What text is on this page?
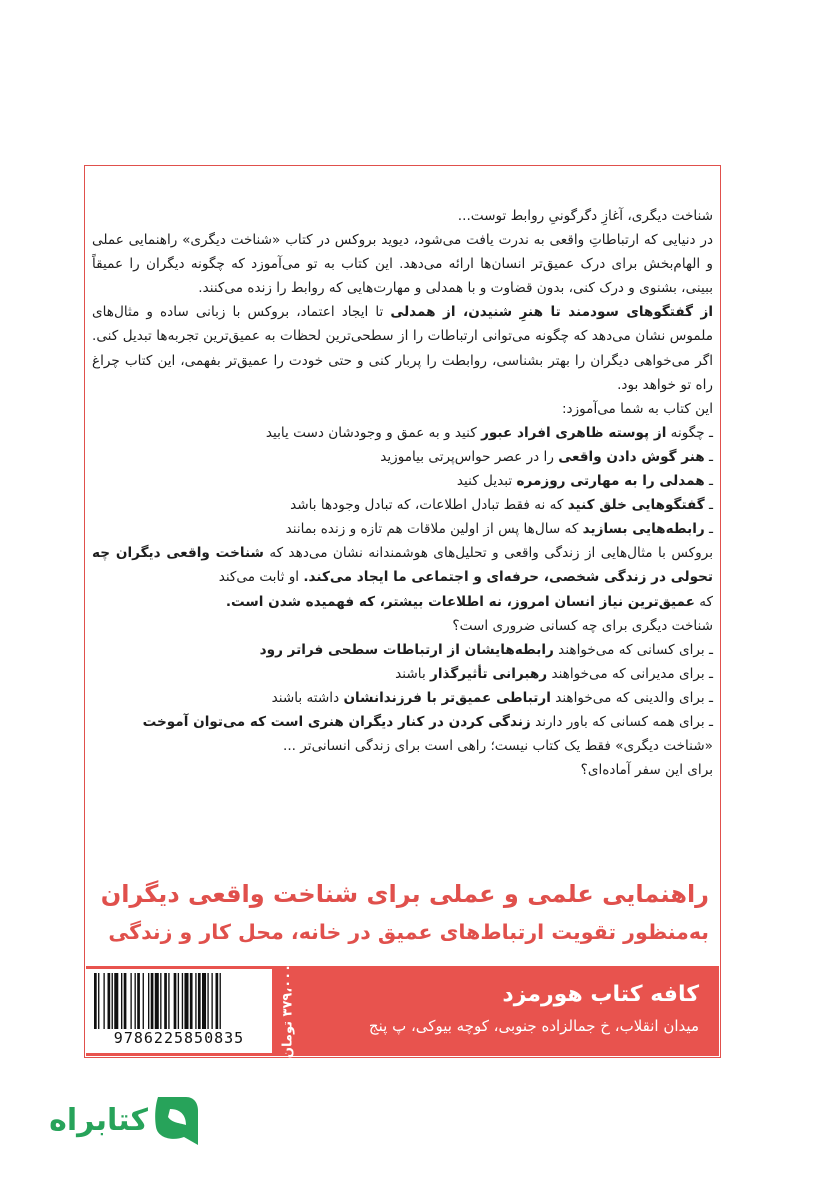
شناخت دیگری، آغازِ دگرگونیِ روابط توست...

در دنیایی که ارتباطاتِ واقعی به ندرت یافت می‌شود، دیوید بروکس در کتاب «شناخت دیگری» راهنمایی عملی و الهام‌بخش برای درک عمیق‌تر انسان‌ها ارائه می‌دهد. این کتاب به تو می‌آموزد که چگونه دیگران را عمیقاً ببینی، بشنوی و درک کنی، بدون قضاوت و با همدلی و مهارت‌هایی که روابط را زنده می‌کنند.

از گفتگوهای سودمند تا هنرِ شنیدن، از همدلی تا ایجاد اعتماد، بروکس با زبانی ساده و مثال‌های ملموس نشان می‌دهد که چگونه می‌توانی ارتباطات را از سطحی‌ترین لحظات به عمیق‌ترین تجربه‌ها تبدیل کنی. اگر می‌خواهی دیگران را بهتر بشناسی، روابطت را پربار کنی و حتی خودت را عمیق‌تر بفهمی، این کتاب چراغ راه تو خواهد بود.

این کتاب به شما می‌آموزد:

ـ چگونه از پوسته ظاهری افراد عبور کنید و به عمق و وجودشان دست یابید

ـ هنر گوش دادن واقعی را در عصر حواس‌پرتی بیاموزید

ـ همدلی را به مهارتی روزمره تبدیل کنید

ـ گفتگوهایی خلق کنید که نه فقط تبادل اطلاعات، که تبادل وجودها باشد

ـ رابطه‌هایی بسازید که سال‌ها پس از اولین ملاقات هم تازه و زنده بمانند

بروکس با مثال‌هایی از زندگی واقعی و تحلیل‌های هوشمندانه نشان می‌دهد که شناخت واقعی دیگران چه تحولی در زندگی شخصی، حرفه‌ای و اجتماعی ما ایجاد می‌کند. او ثابت می‌کند

که عمیق‌ترین نیاز انسان امروز، نه اطلاعات بیشتر، که فهمیده شدن است.

شناخت دیگری برای چه کسانی ضروری است؟

ـ برای کسانی که می‌خواهند رابطه‌هایشان از ارتباطات سطحی فراتر رود

ـ برای مدیرانی که می‌خواهند رهبرانی تأثیرگذار باشند

ـ برای والدینی که می‌خواهند ارتباطی عمیق‌تر با فرزندانشان داشته باشند

ـ برای همه کسانی که باور دارند زندگی کردن در کنار دیگران هنری است که می‌توان آموخت

«شناخت دیگری» فقط یک کتاب نیست؛ راهی است برای زندگی انسانی‌تر ...

برای این سفر آماده‌ای؟

راهنمایی علمی و عملی برای شناخت واقعی دیگران
به‌منظور تقویت ارتباط‌های عمیق در خانه، محل کار و زندگی
کافه کتاب هورمزد
میدان انقلاب، خ جمالزاده جنوبی، کوچه بیوکی، پ پنج
9786225850835	۳۷۹،۰۰۰ تومان
کتابراه
